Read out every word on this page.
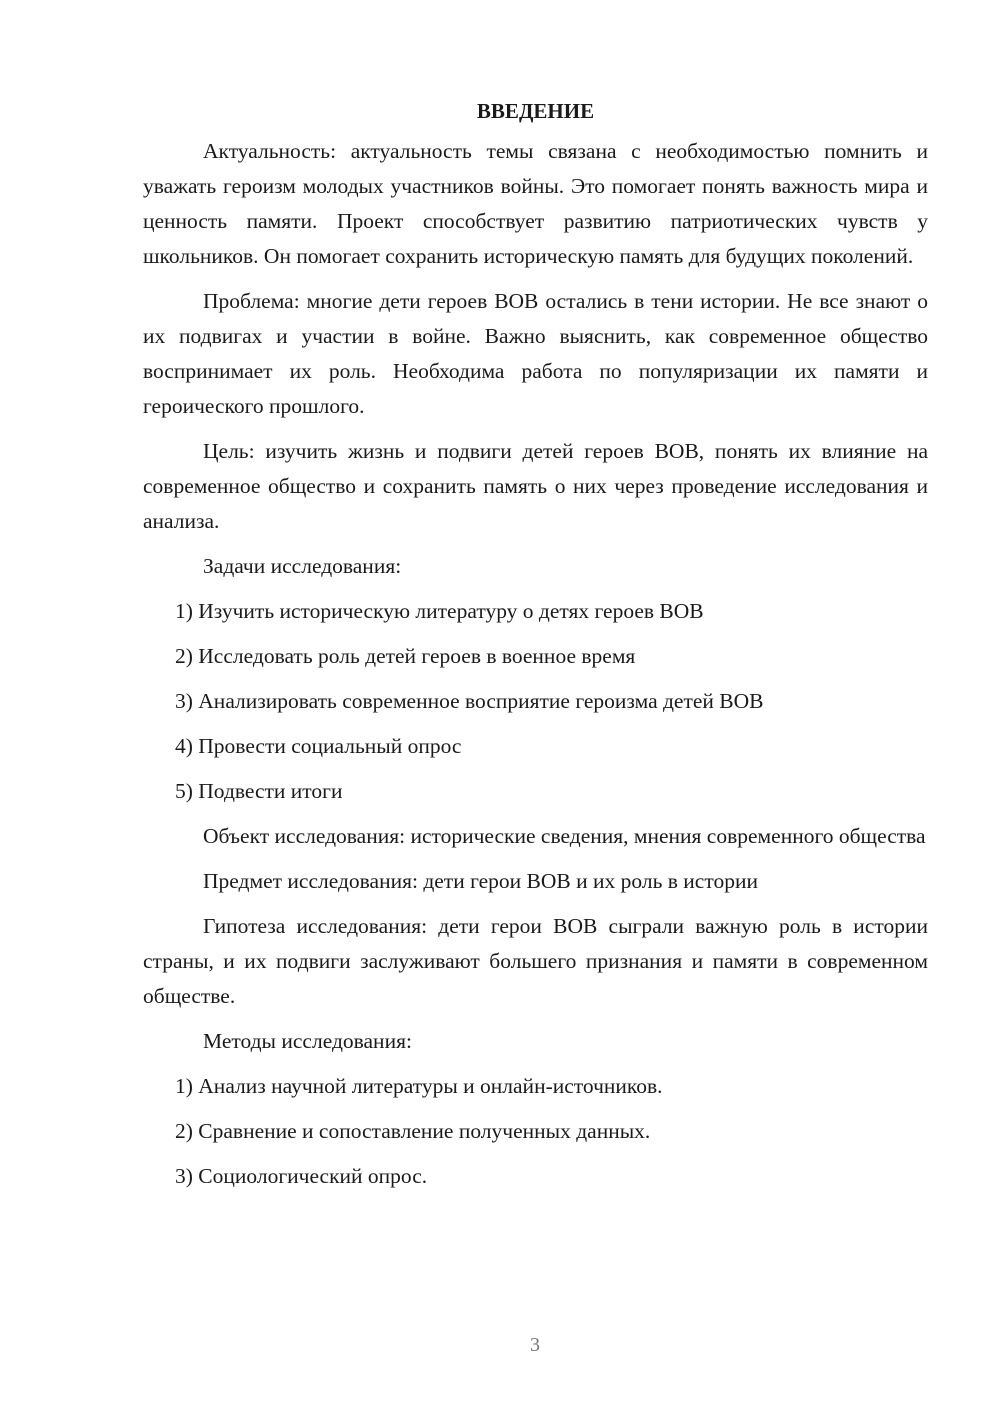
ВВЕДЕНИЕ

Актуальность: актуальность темы связана с необходимостью помнить и уважать героизм молодых участников войны. Это помогает понять важность мира и ценность памяти. Проект способствует развитию патриотических чувств у школьников. Он помогает сохранить историческую память для будущих поколений.

Проблема: многие дети героев ВОВ остались в тени истории. Не все знают о их подвигах и участии в войне. Важно выяснить, как современное общество воспринимает их роль. Необходима работа по популяризации их памяти и героического прошлого.

Цель: изучить жизнь и подвиги детей героев ВОВ, понять их влияние на современное общество и сохранить память о них через проведение исследования и анализа.

Задачи исследования:

1) Изучить историческую литературу о детях героев ВОВ

2) Исследовать роль детей героев в военное время

3) Анализировать современное восприятие героизма детей ВОВ

4) Провести социальный опрос

5) Подвести итоги

Объект исследования: исторические сведения, мнения современного общества

Предмет исследования: дети герои ВОВ и их роль в истории

Гипотеза исследования: дети герои ВОВ сыграли важную роль в истории страны, и их подвиги заслуживают большего признания и памяти в современном обществе.

Методы исследования:

1) Анализ научной литературы и онлайн-источников.

2) Сравнение и сопоставление полученных данных.

3) Социологический опрос.

3
